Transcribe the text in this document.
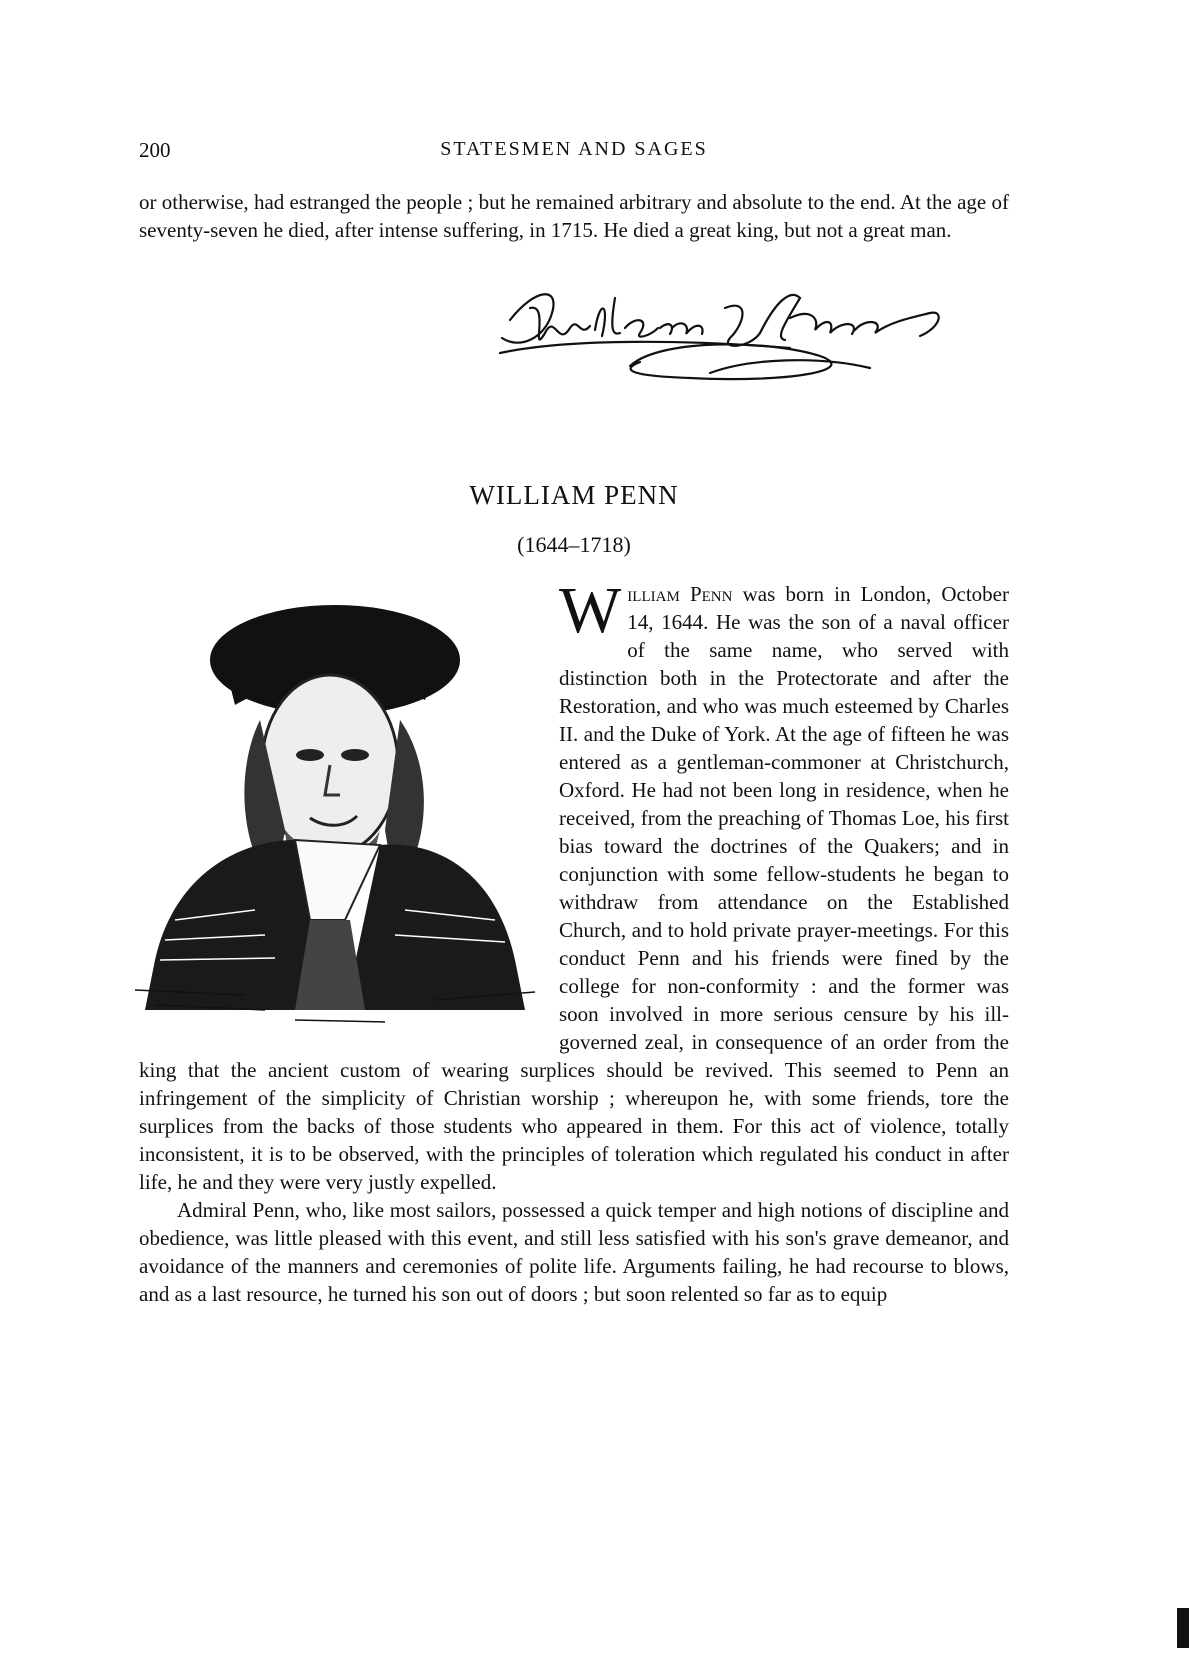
200	STATESMEN AND SAGES

or otherwise, had estranged the people ; but he remained arbitrary and absolute to the end. At the age of seventy-seven he died, after intense suffering, in 1715. He died a great king, but not a great man.

WILLIAM PENN
(1644–1718)

William Penn was born in London, October 14, 1644. He was the son of a naval officer of the same name, who served with distinction both in the Protectorate and after the Restoration, and who was much esteemed by Charles II. and the Duke of York. At the age of fifteen he was entered as a gentleman-commoner at Christchurch, Oxford. He had not been long in residence, when he received, from the preaching of Thomas Loe, his first bias toward the doctrines of the Quakers; and in conjunction with some fellow-students he began to withdraw from attendance on the Established Church, and to hold private prayer-meetings. For this conduct Penn and his friends were fined by the college for non-conformity : and the former was soon involved in more serious censure by his ill-governed zeal, in consequence of an order from the king that the ancient custom of wearing surplices should be revived. This seemed to Penn an infringement of the simplicity of Christian worship ; whereupon he, with some friends, tore the surplices from the backs of those students who appeared in them. For this act of violence, totally inconsistent, it is to be observed, with the principles of toleration which regulated his conduct in after life, he and they were very justly expelled.

Admiral Penn, who, like most sailors, possessed a quick temper and high notions of discipline and obedience, was little pleased with this event, and still less satisfied with his son's grave demeanor, and avoidance of the manners and ceremonies of polite life. Arguments failing, he had recourse to blows, and as a last resource, he turned his son out of doors ; but soon relented so far as to equip
